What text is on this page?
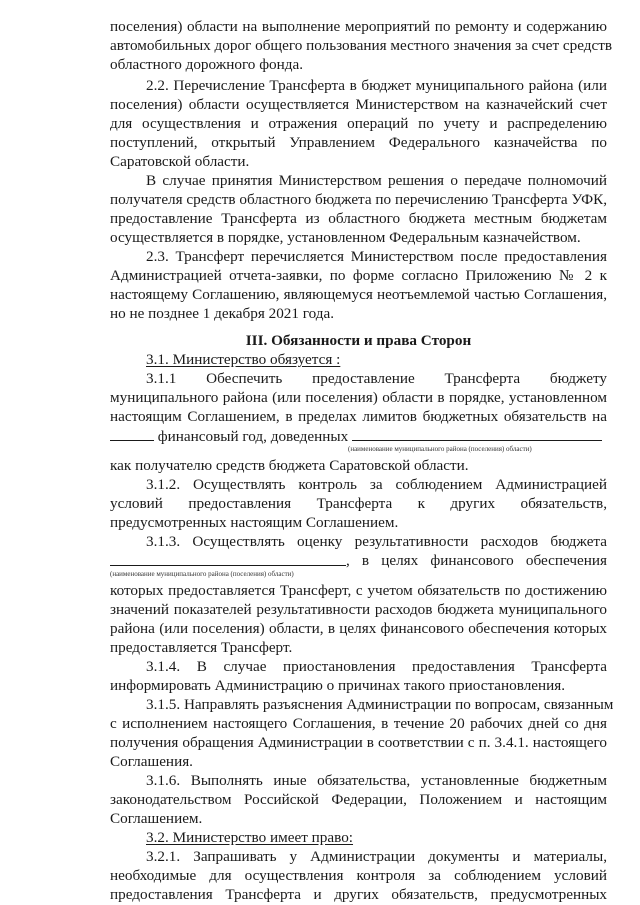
поселения) области на выполнение мероприятий по ремонту и содержанию
автомобильных дорог общего пользования местного значения за счет средств
областного дорожного фонда.
2.2. Перечисление Трансферта в бюджет муниципального района (или
поселения) области осуществляется Министерством на казначейский счет
для осуществления и отражения операций по учету и распределению
поступлений, открытый Управлением Федерального казначейства по
Саратовской области.
В случае принятия Министерством решения о передаче полномочий
получателя средств областного бюджета по перечислению Трансферта УФК,
предоставление Трансферта из областного бюджета местным бюджетам
осуществляется в порядке, установленном Федеральным казначейством.
2.3. Трансферт перечисляется Министерством после предоставления
Администрацией отчета-заявки, по форме согласно Приложению № 2 к
настоящему Соглашению, являющемуся неотъемлемой частью Соглашения,
но не позднее 1 декабря 2021 года.
III. Обязанности и права Сторон
3.1. Министерство обязуется :
3.1.1 Обеспечить предоставление Трансферта бюджету
муниципального района (или поселения) области в порядке, установленном
настоящим Соглашением, в пределах лимитов бюджетных обязательств на
финансовый год, доведенных
(наименование муниципального района (поселения) области)
как получателю средств бюджета Саратовской области.
3.1.2. Осуществлять контроль за соблюдением Администрацией
условий предоставления Трансферта к других обязательств,
предусмотренных настоящим Соглашением.
3.1.3. Осуществлять оценку результативности расходов бюджета
, в целях финансового обеспечения
(наименование муниципального района (поселения) области)
которых предоставляется Трансферт, с учетом обязательств по достижению
значений показателей результативности расходов бюджета муниципального
района (или поселения) области, в целях финансового обеспечения которых
предоставляется Трансферт.
3.1.4. В случае приостановления предоставления Трансферта
информировать Администрацию о причинах такого приостановления.
3.1.5. Направлять разъяснения Администрации по вопросам, связанным
с исполнением настоящего Соглашения, в течение 20 рабочих дней со дня
получения обращения Администрации в соответствии с п. 3.4.1. настоящего
Соглашения.
3.1.6. Выполнять иные обязательства, установленные бюджетным
законодательством Российской Федерации, Положением и настоящим
Соглашением.
3.2. Министерство имеет право:
3.2.1. Запрашивать у Администрации документы и материалы,
необходимые для осуществления контроля за соблюдением условий
предоставления Трансферта и других обязательств, предусмотренных
